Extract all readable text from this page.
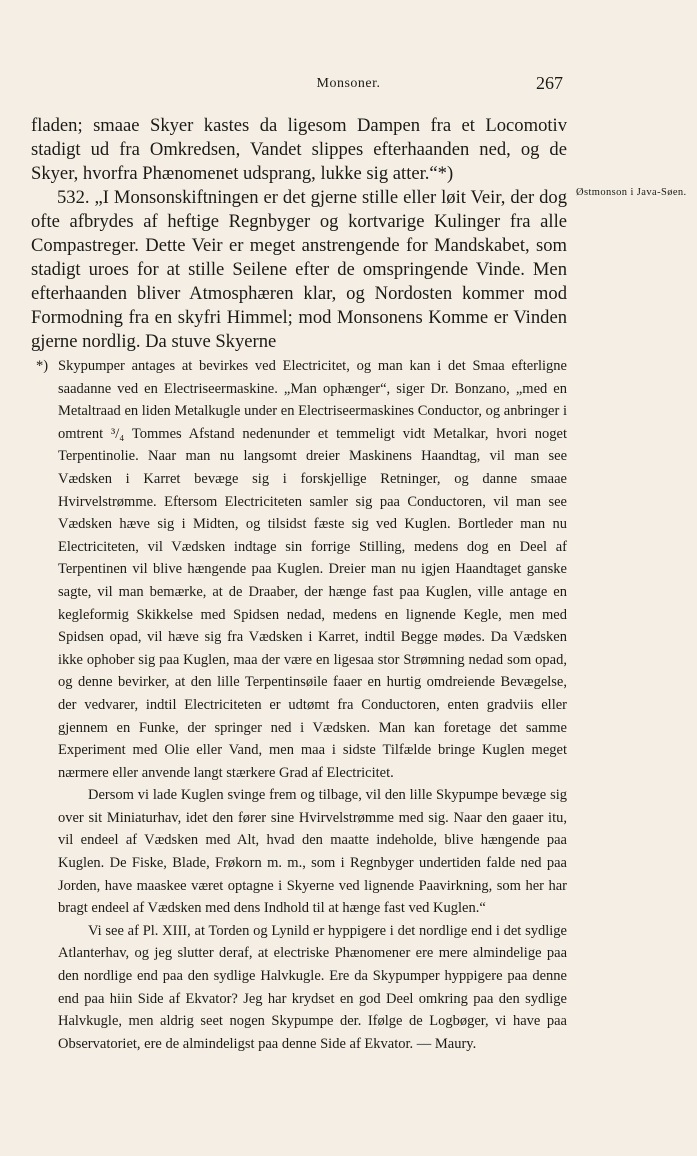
Monsoner.	267

fladen; smaae Skyer kastes da ligesom Dampen fra et Locomotiv stadigt ud fra Omkredsen, Vandet slippes efterhaanden ned, og de Skyer, hvorfra Phænomenet udsprang, lukke sig atter.“*)

532. „I Monsonskiftningen er det gjerne stille eller løit Veir, der dog ofte afbrydes af heftige Regnbyger og kortvarige Kulinger fra alle Compastreger. Dette Veir er meget anstrengende for Mandskabet, som stadigt uroes for at stille Seilene efter de omspringende Vinde. Men efterhaanden bliver Atmosphæren klar, og Nordosten kommer mod Formodning fra en skyfri Himmel; mod Monsonens Komme er Vinden gjerne nordlig. Da stuve Skyerne

Østmonson i Java-Søen.

*) Skypumper antages at bevirkes ved Electricitet, og man kan i det Smaa efterligne saadanne ved en Electriseermaskine. „Man ophænger“, siger Dr. Bonzano, „med en Metaltraad en liden Metalkugle under en Electriseermaskines Conductor, og anbringer i omtrent ³/₄ Tommes Afstand nedenunder et temmeligt vidt Metalkar, hvori noget Terpentinolie. Naar man nu langsomt dreier Maskinens Haandtag, vil man see Vædsken i Karret bevæge sig i forskjellige Retninger, og danne smaae Hvirvelstrømme. Eftersom Electriciteten samler sig paa Conductoren, vil man see Vædsken hæve sig i Midten, og tilsidst fæste sig ved Kuglen. Bortleder man nu Electriciteten, vil Vædsken indtage sin forrige Stilling, medens dog en Deel af Terpentinen vil blive hængende paa Kuglen. Dreier man nu igjen Haandtaget ganske sagte, vil man bemærke, at de Draaber, der hænge fast paa Kuglen, ville antage en kegleformig Skikkelse med Spidsen nedad, medens en lignende Kegle, men med Spidsen opad, vil hæve sig fra Vædsken i Karret, indtil Begge mødes. Da Vædsken ikke ophober sig paa Kuglen, maa der være en ligesaa stor Strømning nedad som opad, og denne bevirker, at den lille Terpentinsøile faaer en hurtig omdreiende Bevægelse, der vedvarer, indtil Electriciteten er udtømt fra Conductoren, enten gradviis eller gjennem en Funke, der springer ned i Vædsken. Man kan foretage det samme Experiment med Olie eller Vand, men maa i sidste Tilfælde bringe Kuglen meget nærmere eller anvende langt stærkere Grad af Electricitet.

Dersom vi lade Kuglen svinge frem og tilbage, vil den lille Skypumpe bevæge sig over sit Miniaturhav, idet den fører sine Hvirvelstrømme med sig. Naar den gaaer itu, vil endeel af Vædsken med Alt, hvad den maatte indeholde, blive hængende paa Kuglen. De Fiske, Blade, Frøkorn m. m., som i Regnbyger undertiden falde ned paa Jorden, have maaskee været optagne i Skyerne ved lignende Paavirkning, som her har bragt endeel af Vædsken med dens Indhold til at hænge fast ved Kuglen.“

Vi see af Pl. XIII, at Torden og Lynild er hyppigere i det nordlige end i det sydlige Atlanterhav, og jeg slutter deraf, at electriske Phænomener ere mere almindelige paa den nordlige end paa den sydlige Halvkugle. Ere da Skypumper hyppigere paa denne end paa hiin Side af Ekvator? Jeg har krydset en god Deel omkring paa den sydlige Halvkugle, men aldrig seet nogen Skypumpe der. Ifølge de Logbøger, vi have paa Observatoriet, ere de almindeligst paa denne Side af Ekvator. — Maury.
